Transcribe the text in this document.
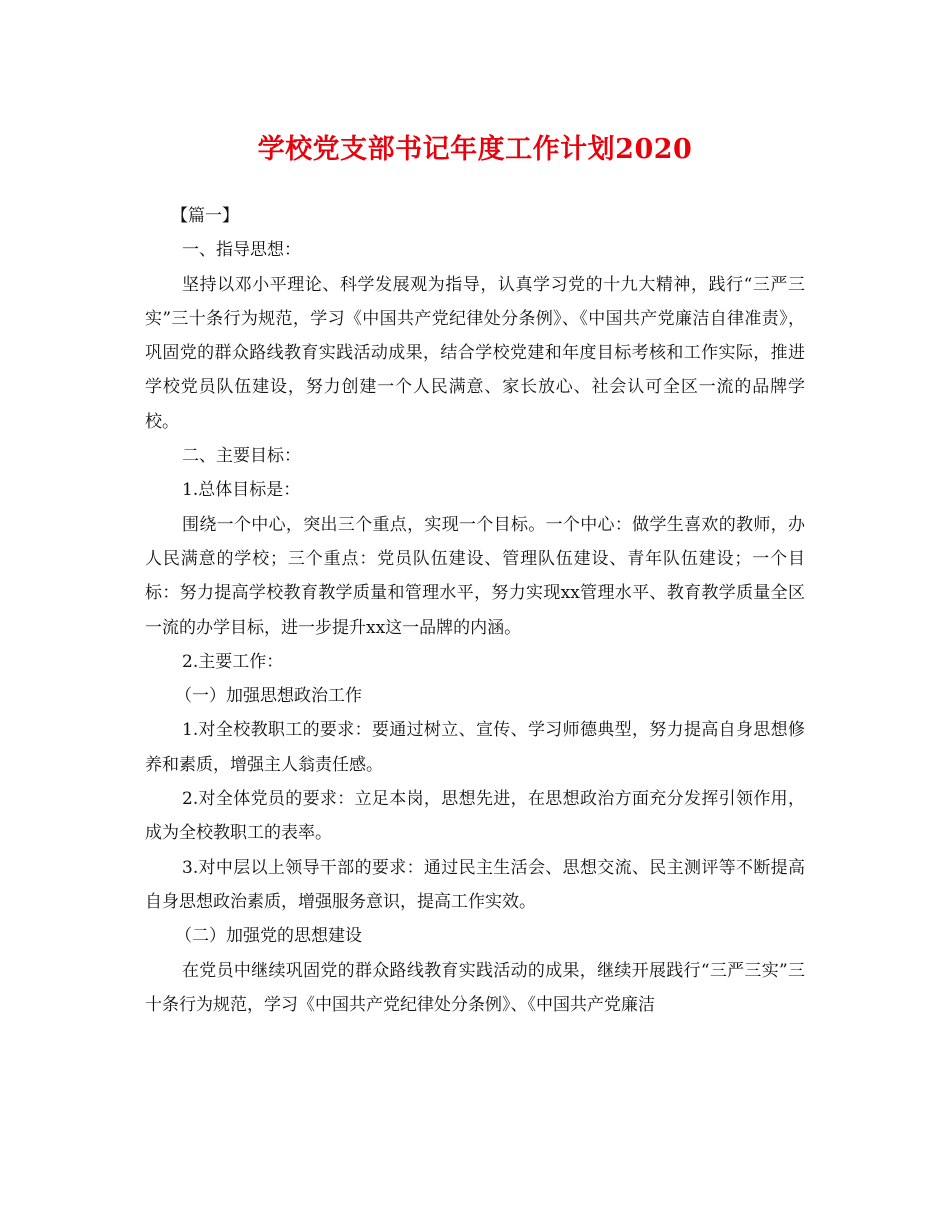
学校党支部书记年度工作计划2020

【篇一】

一、指导思想：

坚持以邓小平理论、科学发展观为指导，认真学习党的十九大精神，践行“三严三实”三十条行为规范，学习《中国共产党纪律处分条例》、《中国共产党廉洁自律准责》，巩固党的群众路线教育实践活动成果，结合学校党建和年度目标考核和工作实际，推进学校党员队伍建设，努力创建一个人民满意、家长放心、社会认可全区一流的品牌学校。

二、主要目标：

1.总体目标是：

围绕一个中心，突出三个重点，实现一个目标。一个中心：做学生喜欢的教师，办人民满意的学校；三个重点：党员队伍建设、管理队伍建设、青年队伍建设；一个目标：努力提高学校教育教学质量和管理水平，努力实现xx管理水平、教育教学质量全区一流的办学目标，进一步提升xx这一品牌的内涵。

2.主要工作：

（一）加强思想政治工作

1.对全校教职工的要求：要通过树立、宣传、学习师德典型，努力提高自身思想修养和素质，增强主人翁责任感。

2.对全体党员的要求：立足本岗，思想先进，在思想政治方面充分发挥引领作用，成为全校教职工的表率。

3.对中层以上领导干部的要求：通过民主生活会、思想交流、民主测评等不断提高自身思想政治素质，增强服务意识，提高工作实效。

（二）加强党的思想建设

在党员中继续巩固党的群众路线教育实践活动的成果，继续开展践行“三严三实”三十条行为规范，学习《中国共产党纪律处分条例》、《中国共产党廉洁
